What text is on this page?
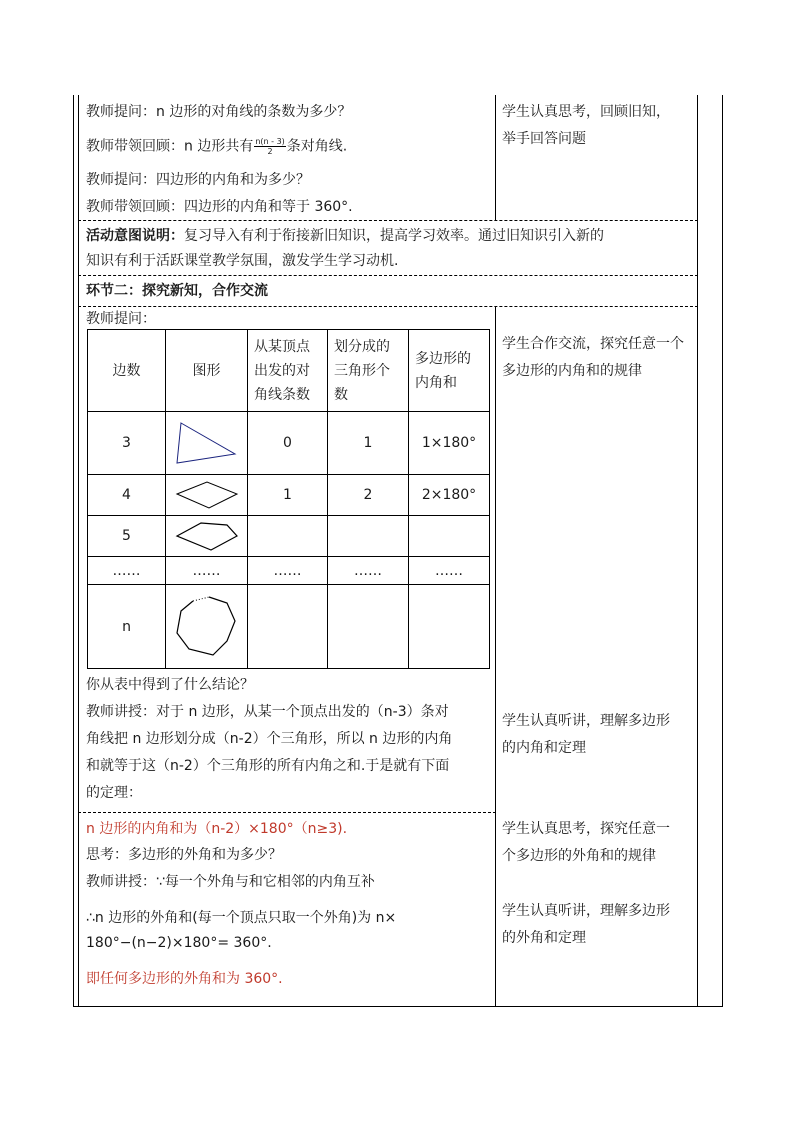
教师提问：n 边形的对角线的条数为多少？
教师带领回顾：n 边形共有 $\frac{n(n - 3)}{2}$ 条对角线.
教师提问：四边形的内角和为多少？
教师带领回顾：四边形的内角和等于 360°.
学生认真思考，回顾旧知，举手回答问题
活动意图说明：复习导入有利于衔接新旧知识，提高学习效率。通过旧知识引入新的
知识有利于活跃课堂教学氛围，激发学生学习动机.
环节二：探究新知，合作交流
教师提问：
边数	图形	从某顶点出发的对角线条数	划分成的三角形个数	多边形的内角和
3		0	1	1×180°
4		1	2	2×180°
5	

……	……	……	……	……
n	

学生合作交流，探究任意一个多边形的内角和的规律
你从表中得到了什么结论？
教师讲授：对于 n 边形，从某一个顶点出发的（n-3）条对
角线把 n 边形划分成（n-2）个三角形，所以 n 边形的内角
和就等于这（n-2）个三角形的所有内角之和.于是就有下面
的定理：
学生认真听讲，理解多边形的内角和定理
n 边形的内角和为（n-2）×180°（n≥3).
思考：多边形的外角和为多少？
教师讲授：∵每一个外角与和它相邻的内角互补
∴n 边形的外角和(每一个顶点只取一个外角)为 n×
180°−(n−2)×180°= 360°.
即任何多边形的外角和为 360°.
学生认真思考，探究任意一个多边形的外角和的规律
学生认真听讲，理解多边形的外角和定理
